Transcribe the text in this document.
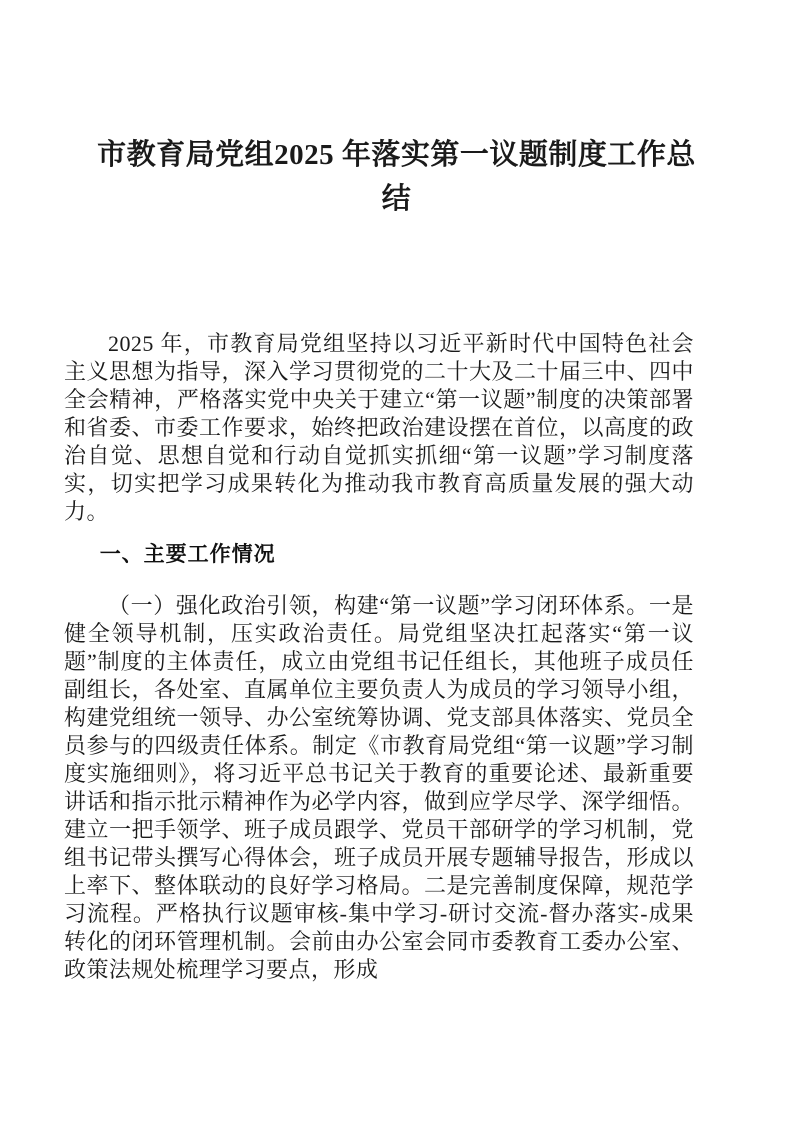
市教育局党组2025 年落实第一议题制度工作总结

2025 年，市教育局党组坚持以习近平新时代中国特色社会主义思想为指导，深入学习贯彻党的二十大及二十届三中、四中全会精神，严格落实党中央关于建立“第一议题”制度的决策部署和省委、市委工作要求，始终把政治建设摆在首位，以高度的政治自觉、思想自觉和行动自觉抓实抓细“第一议题”学习制度落实，切实把学习成果转化为推动我市教育高质量发展的强大动力。

一、主要工作情况

（一）强化政治引领，构建“第一议题”学习闭环体系。一是健全领导机制，压实政治责任。局党组坚决扛起落实“第一议题”制度的主体责任，成立由党组书记任组长，其他班子成员任副组长，各处室、直属单位主要负责人为成员的学习领导小组，构建党组统一领导、办公室统筹协调、党支部具体落实、党员全员参与的四级责任体系。制定《市教育局党组“第一议题”学习制度实施细则》，将习近平总书记关于教育的重要论述、最新重要讲话和指示批示精神作为必学内容，做到应学尽学、深学细悟。建立一把手领学、班子成员跟学、党员干部研学的学习机制，党组书记带头撰写心得体会，班子成员开展专题辅导报告，形成以上率下、整体联动的良好学习格局。二是完善制度保障，规范学习流程。严格执行议题审核-集中学习-研讨交流-督办落实-成果转化的闭环管理机制。会前由办公室会同市委教育工委办公室、政策法规处梳理学习要点，形成
